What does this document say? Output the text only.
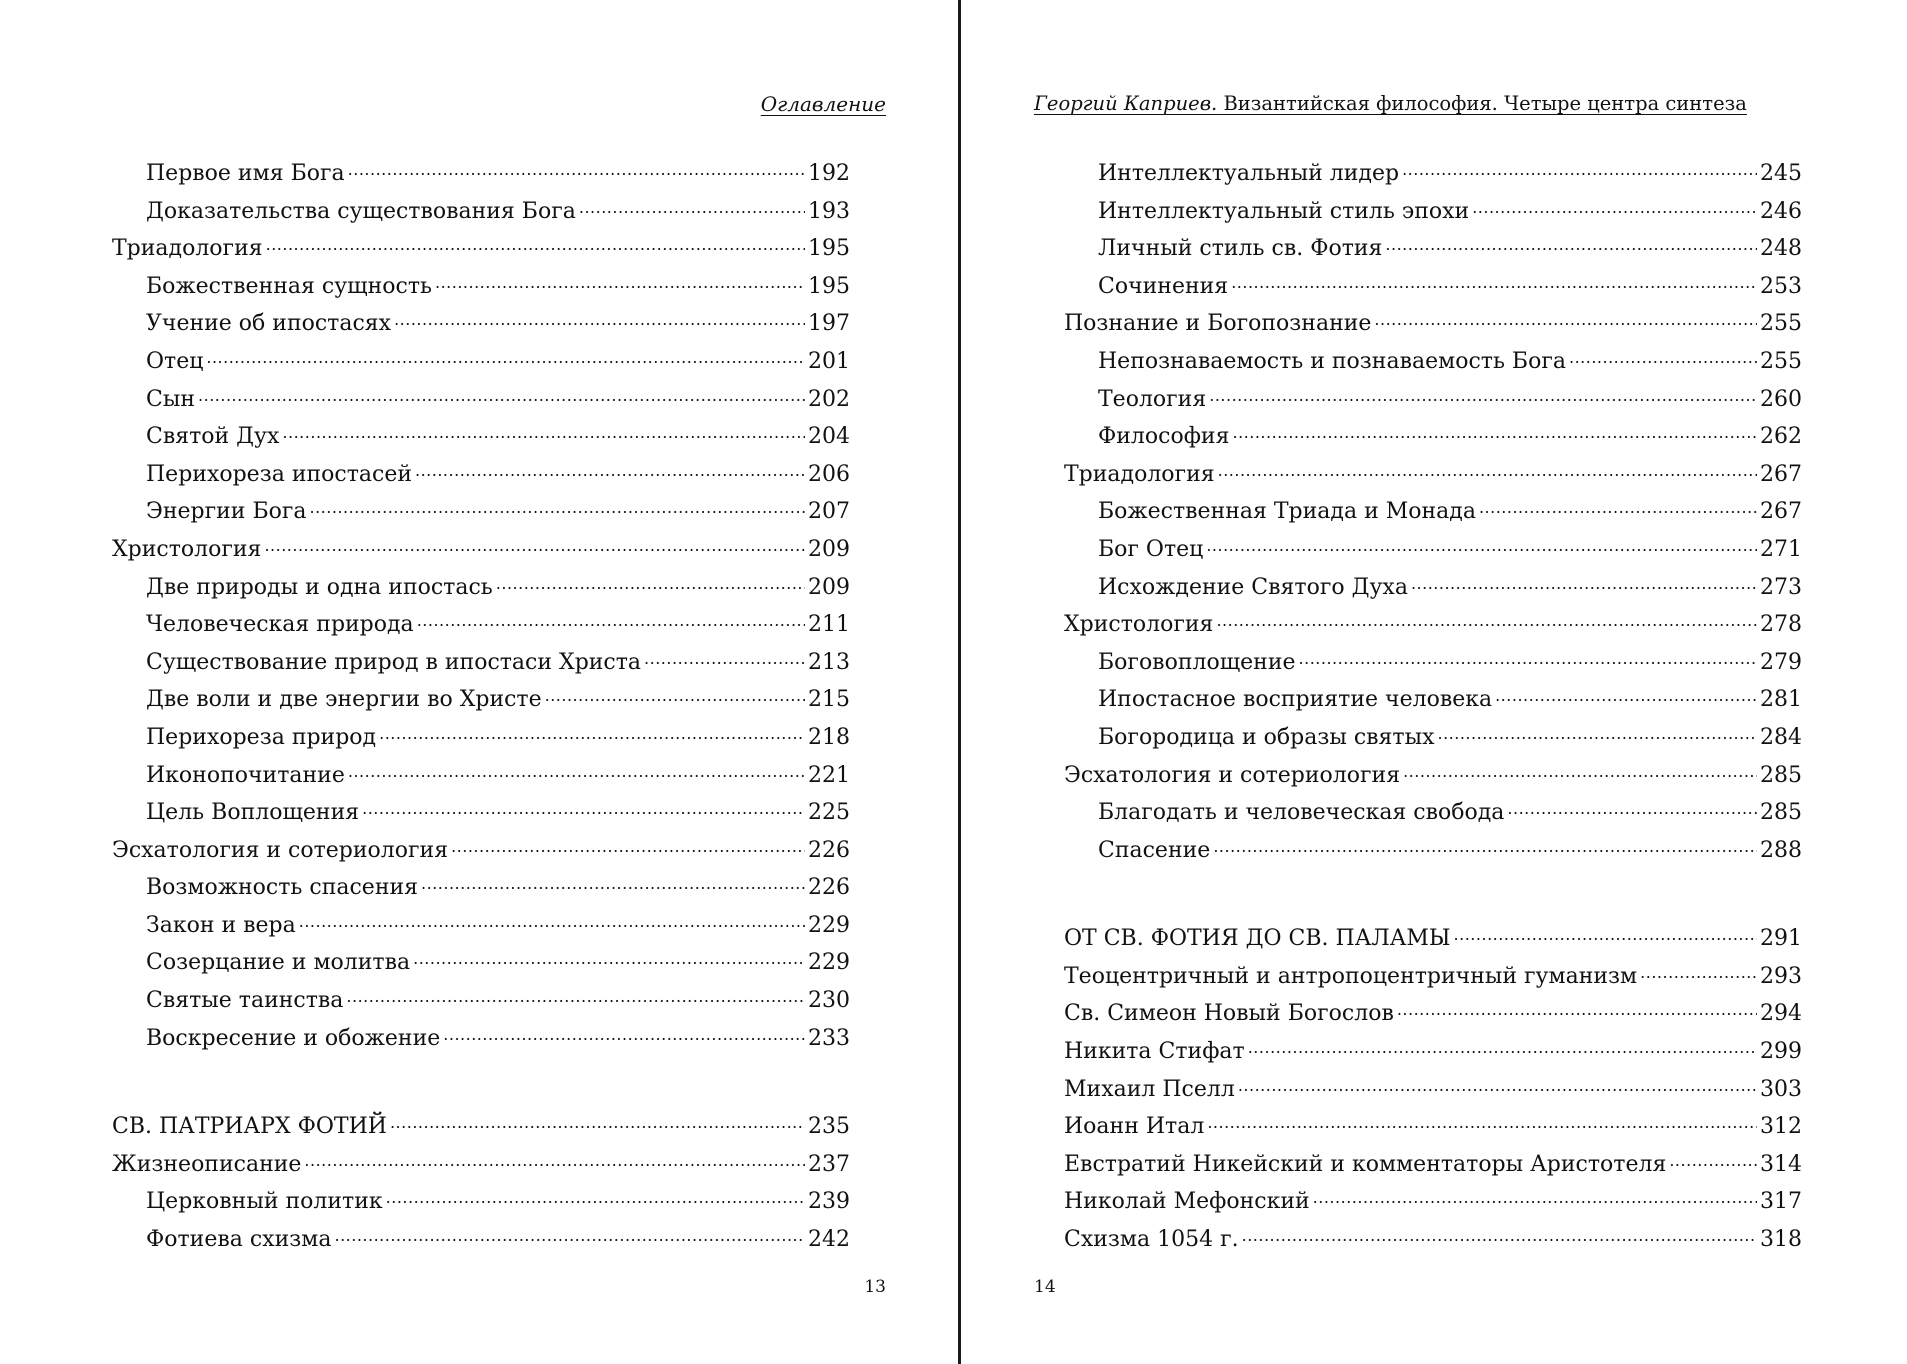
Оглавление
Первое имя Бога .....	192
Доказательства существования Бога .....	193
Триадология .....	195
Божественная сущность .....	195
Учение об ипостасях .....	197
Отец .....	201
Сын .....	202
Святой Дух .....	204
Перихореза ипостасей .....	206
Энергии Бога .....	207
Христология .....	209
Две природы и одна ипостась .....	209
Человеческая природа .....	211
Существование природ в ипостаси Христа .....	213
Две воли и две энергии во Христе .....	215
Перихореза природ .....	218
Иконопочитание .....	221
Цель Воплощения .....	225
Эсхатология и сотериология .....	226
Возможность спасения .....	226
Закон и вера .....	229
Созерцание и молитва .....	229
Святые таинства .....	230
Воскресение и обожение .....	233
СВ. ПАТРИАРХ ФОТИЙ .....	235
Жизнеописание .....	237
Церковный политик .....	239
Фотиева схизма .....	242
13
Георгий Каприев. Византийская философия. Четыре центра синтеза
Интеллектуальный лидер .....	245
Интеллектуальный стиль эпохи .....	246
Личный стиль св. Фотия .....	248
Сочинения .....	253
Познание и Богопознание .....	255
Непознаваемость и познаваемость Бога .....	255
Теология .....	260
Философия .....	262
Триадология .....	267
Божественная Триада и Монада .....	267
Бог Отец .....	271
Исхождение Святого Духа .....	273
Христология .....	278
Боговоплощение .....	279
Ипостасное восприятие человека .....	281
Богородица и образы святых .....	284
Эсхатология и сотериология .....	285
Благодать и человеческая свобода .....	285
Спасение .....	288
ОТ СВ. ФОТИЯ ДО СВ. ПАЛАМЫ .....	291
Теоцентричный и антропоцентричный гуманизм .....	293
Св. Симеон Новый Богослов .....	294
Никита Стифат .....	299
Михаил Пселл .....	303
Иоанн Итал .....	312
Евстратий Никейский и комментаторы Аристотеля .....	314
Николай Мефонский .....	317
Схизма 1054 г. .....	318
14
